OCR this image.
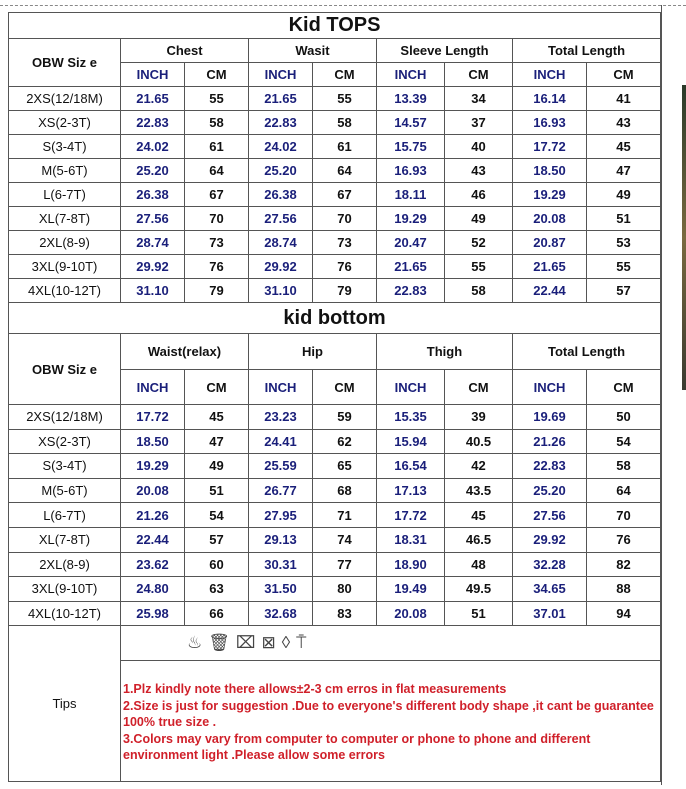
Kid TOPS								
OBW Siz e	Chest		Wasit		Sleeve Length		Total Length	
	INCH	CM	INCH	CM	INCH	CM	INCH	CM
2XS(12/18M)	21.65	55	21.65	55	13.39	34	16.14	41
XS(2-3T)	22.83	58	22.83	58	14.57	37	16.93	43
S(3-4T)	24.02	61	24.02	61	15.75	40	17.72	45
M(5-6T)	25.20	64	25.20	64	16.93	43	18.50	47
L(6-7T)	26.38	67	26.38	67	18.11	46	19.29	49
XL(7-8T)	27.56	70	27.56	70	19.29	49	20.08	51
2XL(8-9)	28.74	73	28.74	73	20.47	52	20.87	53
3XL(9-10T)	29.92	76	29.92	76	21.65	55	21.65	55
4XL(10-12T)	31.10	79	31.10	79	22.83	58	22.44	57
kid bottom								
OBW Siz e	Waist(relax)		Hip		Thigh		Total Length	
	INCH	CM	INCH	CM	INCH	CM	INCH	CM
2XS(12/18M)	17.72	45	23.23	59	15.35	39	19.69	50
XS(2-3T)	18.50	47	24.41	62	15.94	40.5	21.26	54
S(3-4T)	19.29	49	25.59	65	16.54	42	22.83	58
M(5-6T)	20.08	51	26.77	68	17.13	43.5	25.20	64
L(6-7T)	21.26	54	27.95	71	17.72	45	27.56	70
XL(7-8T)	22.44	57	29.13	74	18.31	46.5	29.92	76
2XL(8-9)	23.62	60	30.31	77	18.90	48	32.28	82
3XL(9-10T)	24.80	63	31.50	80	19.49	49.5	34.65	88
4XL(10-12T)	25.98	66	32.68	83	20.08	51	37.01	94
Tips	♨🗑⌧⊠◊⍑							

	1.Plz kindly note there allows±2-3 cm erros in flat measurements
2.Size is just for suggestion .Due to everyone's different body shape ,it cant be guarantee 100% true size .
3.Colors may vary from computer to computer or phone to phone and different environment light .Please allow some errors							
